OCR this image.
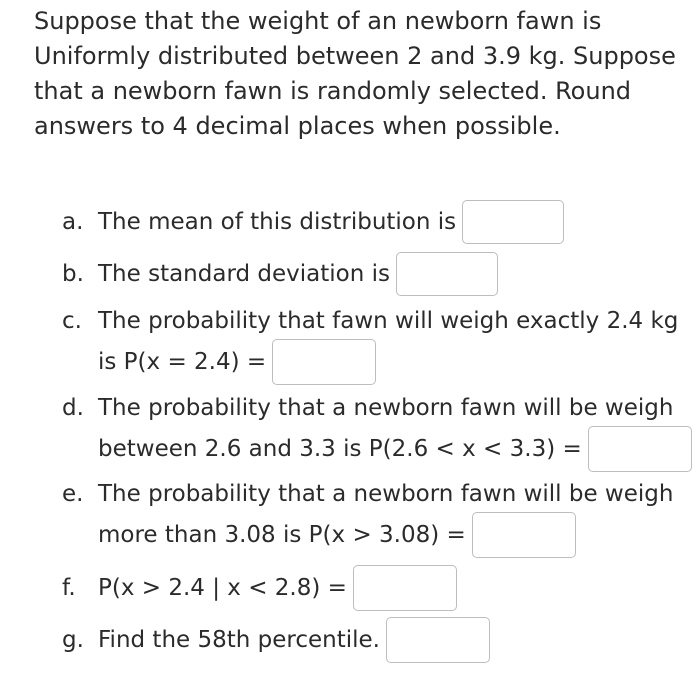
Suppose that the weight of an newborn fawn is
Uniformly distributed between 2 and 3.9 kg. Suppose
that a newborn fawn is randomly selected. Round
answers to 4 decimal places when possible.
a. The mean of this distribution is
b. The standard deviation is
c. The probability that fawn will weigh exactly 2.4 kg
is P(x = 2.4) =
d. The probability that a newborn fawn will be weigh
between 2.6 and 3.3 is P(2.6 < x < 3.3) =
e. The probability that a newborn fawn will be weigh
more than 3.08 is P(x > 3.08) =
f. P(x > 2.4 | x < 2.8) =
g. Find the 58th percentile.
